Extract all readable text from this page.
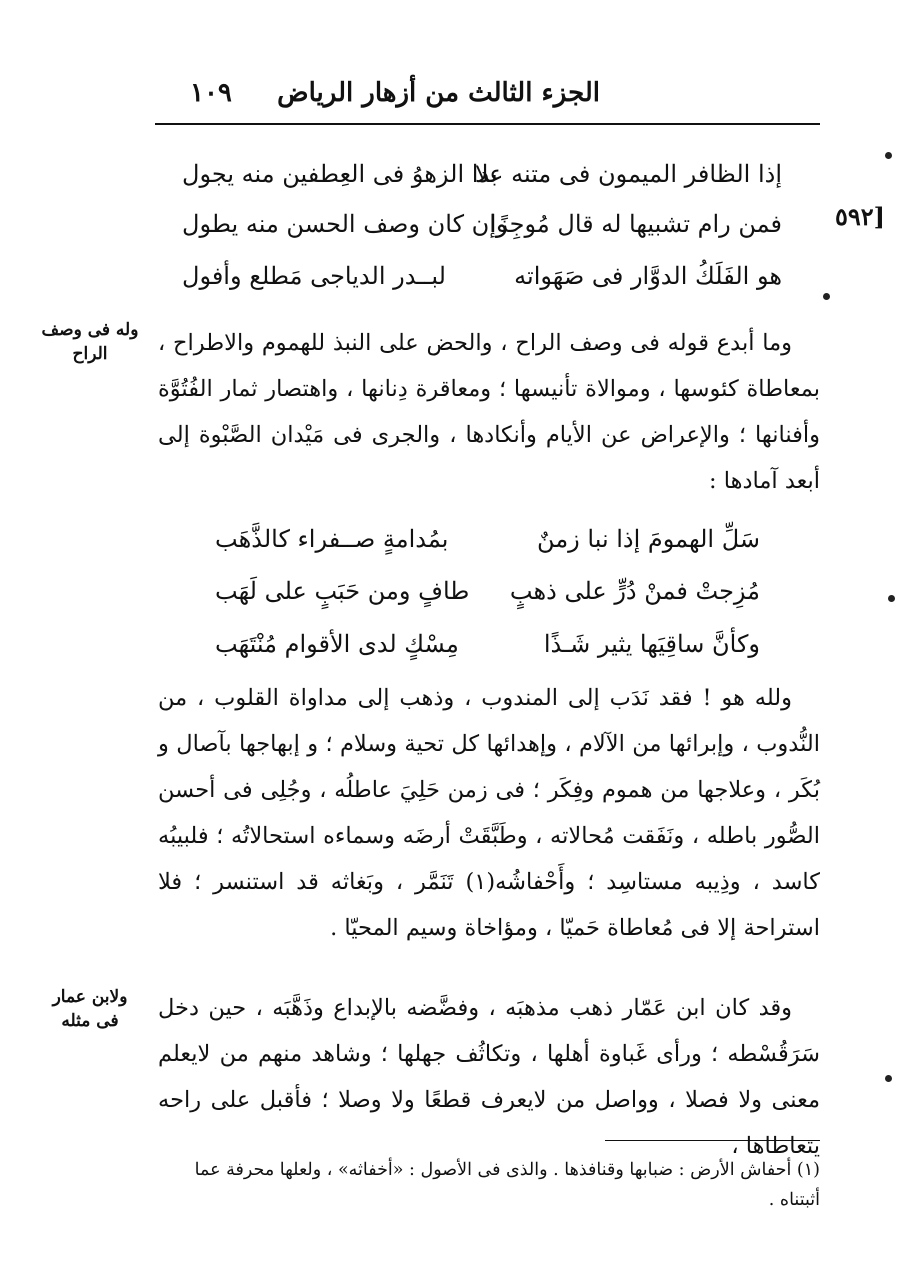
١٠٩ الجزء الثالث من أزهار الرياض
[٥٩٢
إذا الظافر الميمون فى متنه علا
بدا الزهوُ فى العِطفين منه يجول
فمن رام تشبيها له قال مُوجِزًا
وإن كان وصف الحسن منه يطول
هو الفَلَكُ الدوَّار فى صَهَواته
لبــدر الدياجى مَطلع وأفول
وله فى وصف
الراح	وما أبدع قوله فى وصف الراح ، والحض على النبذ للهموم والاطراح ، بمعاطاة كئوسها ، وموالاة تأنيسها ؛ ومعاقرة دِنانها ، واهتصار ثمار الفُتُوَّة وأفنانها ؛ والإعراض عن الأيام وأنكادها ، والجرى فى مَيْدان الصَّبْوة إلى أبعد آمادها :

سَلِّ الهمومَ إذا نبا زمنٌ
بمُدامةٍ صــفراء كالذَّهَب
مُزِجتْ فمنْ دُرٍّ على ذهبٍ
طافٍ ومن حَبَبٍ على لَهَب
وكأنَّ ساقِيَها يثير شَـذًا
مِسْكٍ لدى الأقوام مُنْتَهَب

ولله هو ! فقد نَدَب إلى المندوب ، وذهب إلى مداواة القلوب ، من النُّدوب ، وإبرائها من الآلام ، وإهدائها كل تحية وسلام ؛ و إبهاجها بآصال و بُكَر ، وعلاجها من هموم وفِكَر ؛ فى زمن حَلِيَ عاطلُه ، وجُلِى فى أحسن الصُّور باطله ، ونَفَقت مُحالاته ، وطَبَّقَتْ أرضَه وسماءه استحالاتُه ؛ فلبيبُه كاسد ، وذِيبه مستاسِد ؛ وأَحْفاشُه(١) تَنَمَّر ، وبَغاثه قد استنسر ؛ فلا استراحة إلا فى مُعاطاة حَميّا ، ومؤاخاة وسيم المحيّا .

ولابن عمار
فى مثله	وقد كان ابن عَمّار ذهب مذهبَه ، وفضَّضه بالإبداع وذَهَّبَه ، حين دخل سَرَقُسْطه ؛ ورأى غَباوة أهلها ، وتكاثُف جهلها ؛ وشاهد منهم من لايعلم معنى ولا فصلا ، وواصل من لايعرف قطعًا ولا وصلا ؛ فأقبل على راحه يتعاطاها ،

(١) أحفاش الأرض : ضبابها وقنافذها . والذى فى الأصول : «أخفاثه» ، ولعلها محرفة عما أثبتناه .
